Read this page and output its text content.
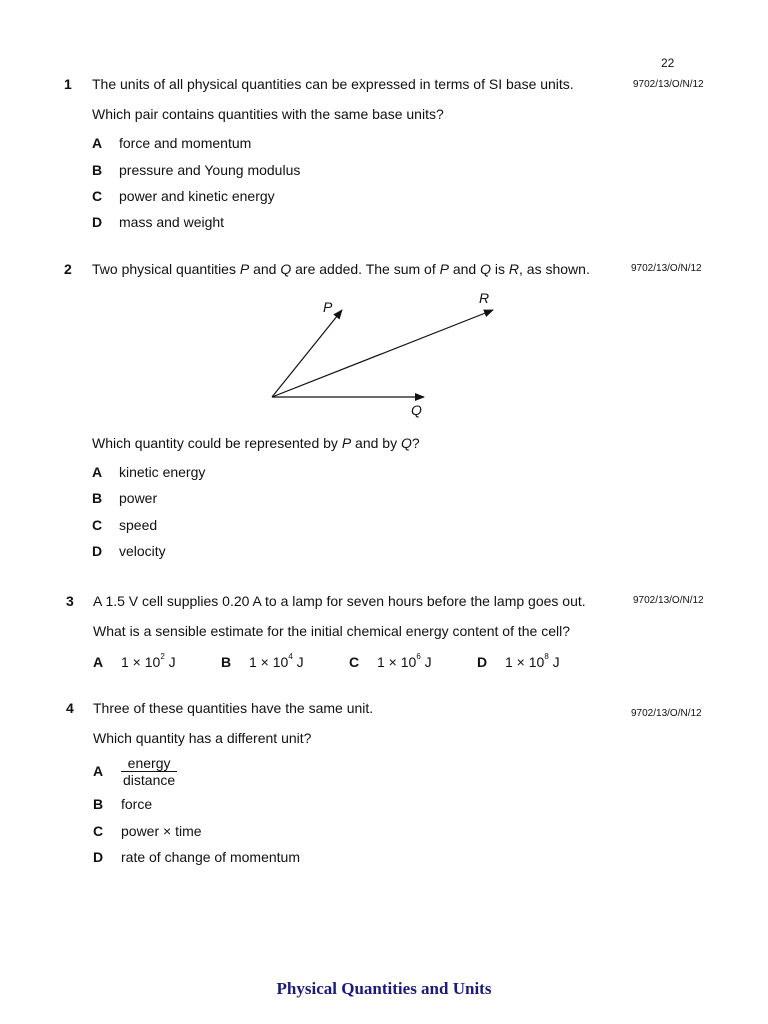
22
1 The units of all physical quantities can be expressed in terms of SI base units.	9702/13/O/N/12
Which pair contains quantities with the same base units?
A force and momentum
B pressure and Young modulus
C power and kinetic energy
D mass and weight
2 Two physical quantities P and Q are added. The sum of P and Q is R, as shown.	9702/13/O/N/12
P
R
Q
Which quantity could be represented by P and by Q?
A kinetic energy
B power
C speed
D velocity
3 A 1.5 V cell supplies 0.20 A to a lamp for seven hours before the lamp goes out.	9702/13/O/N/12
What is a sensible estimate for the initial chemical energy content of the cell?
A $1 \times 10^2$ J	B $1 \times 10^4$ J	C $1 \times 10^6$ J	D $1 \times 10^8$ J
4 Three of these quantities have the same unit.	9702/13/O/N/12
Which quantity has a different unit?
A	energy
distance
B force
C power × time
D rate of change of momentum
Physical Quantities and Units
